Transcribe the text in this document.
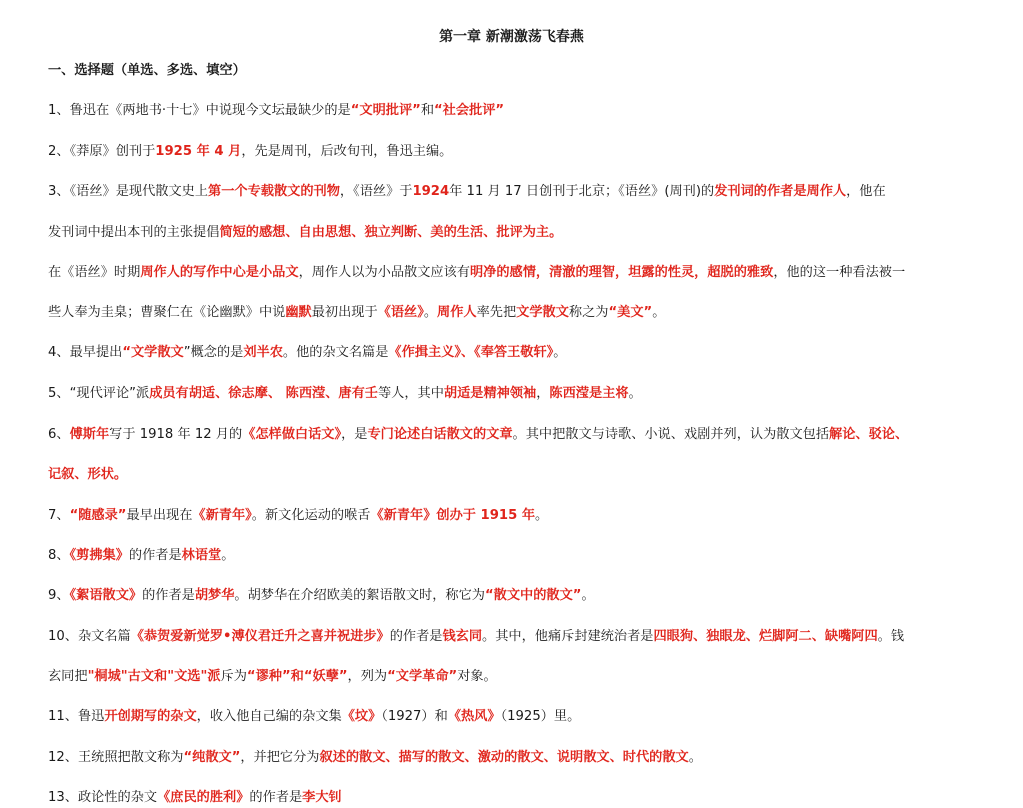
第一章 新潮激荡飞春燕
一、选择题（单选、多选、填空）
1、鲁迅在《两地书·十七》中说现今文坛最缺少的是“文明批评”和“社会批评”
2、《莽原》创刊于1925 年 4 月，先是周刊，后改旬刊，鲁迅主编。
3、《语丝》是现代散文史上第一个专载散文的刊物，《语丝》于1924年 11 月 17 日创刊于北京；《语丝》(周刊)的发刊词的作者是周作人，他在
发刊词中提出本刊的主张提倡简短的感想、自由思想、独立判断、美的生活、批评为主。
在《语丝》时期周作人的写作中心是小品文，周作人以为小品散文应该有明净的感情，清澈的理智，坦露的性灵，超脱的雅致，他的这一种看法被一
些人奉为圭臬；曹聚仁在《论幽默》中说幽默最初出现于《语丝》。周作人率先把文学散文称之为“美文”。
4、最早提出“文学散文”概念的是刘半农。他的杂文名篇是《作揖主义》、《奉答王敬轩》。
5、“现代评论”派成员有胡适、徐志摩、 陈西滢、唐有壬等人，其中胡适是精神领袖，陈西滢是主将。
6、傅斯年写于 1918 年 12 月的《怎样做白话文》，是专门论述白话散文的文章。其中把散文与诗歌、小说、戏剧并列，认为散文包括解论、驳论、
记叙、形状。
7、“随感录”最早出现在《新青年》。新文化运动的喉舌《新青年》创办于 1915 年。
8、《剪拂集》的作者是林语堂。
9、《絮语散文》的作者是胡梦华。胡梦华在介绍欧美的絮语散文时，称它为“散文中的散文”。
10、杂文名篇《恭贺爱新觉罗•溥仪君迁升之喜并祝进步》的作者是钱玄同。其中，他痛斥封建统治者是四眼狗、独眼龙、烂脚阿二、缺嘴阿四。钱
玄同把"桐城"古文和"文选"派斥为“谬种”和“妖孽”，列为“文学革命”对象。
11、鲁迅开创期写的杂文，收入他自己编的杂文集《坟》（1927）和《热风》（1925）里。
12、王统照把散文称为“纯散文”，并把它分为叙述的散文、描写的散文、激动的散文、说明散文、时代的散文。
13、政论性的杂文《庶民的胜利》的作者是李大钊
